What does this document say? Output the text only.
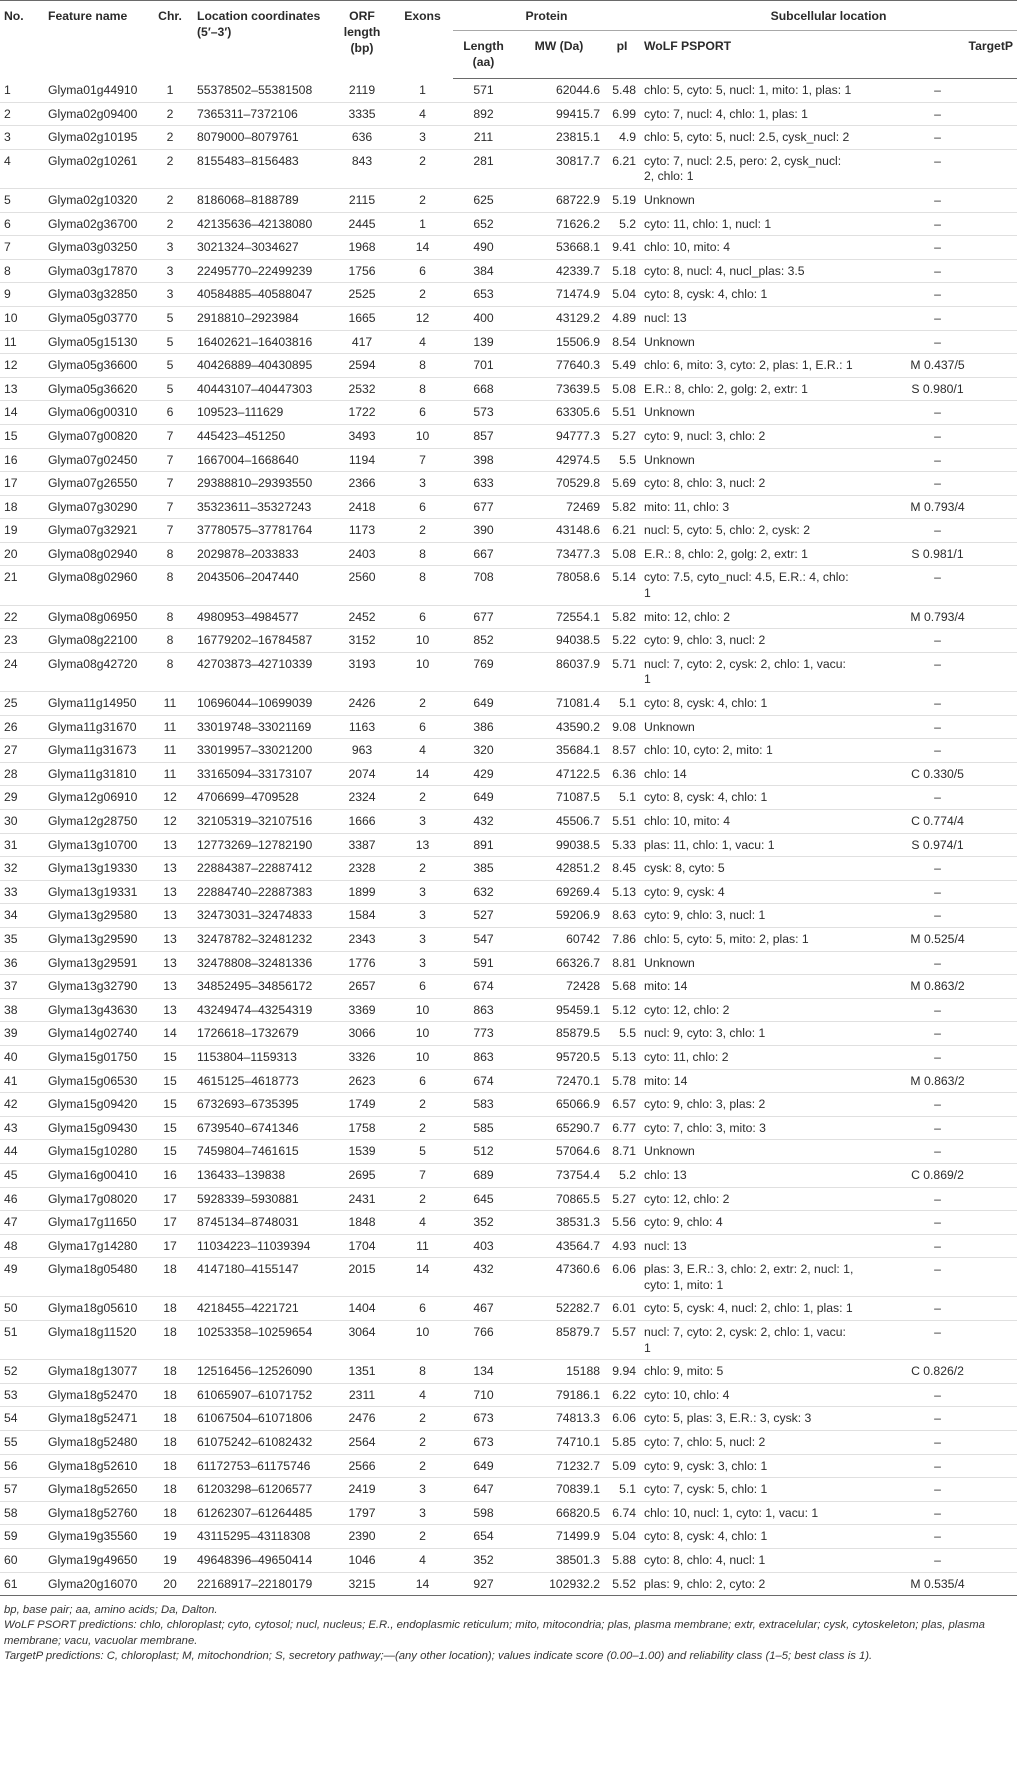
No.	Feature name	Chr.	Location coordinates (5′–3′)	ORF length (bp)	Exons	Protein			Subcellular location	
						Length (aa)	MW (Da)	pI	WoLF PSPORT	TargetP
1	Glyma01g44910	1	55378502–55381508	2119	1	571	62044.6	5.48	chlo: 5, cyto: 5, nucl: 1, mito: 1, plas: 1	–
2	Glyma02g09400	2	7365311–7372106	3335	4	892	99415.7	6.99	cyto: 7, nucl: 4, chlo: 1, plas: 1	–
3	Glyma02g10195	2	8079000–8079761	636	3	211	23815.1	4.9	chlo: 5, cyto: 5, nucl: 2.5, cysk_nucl: 2	–
4	Glyma02g10261	2	8155483–8156483	843	2	281	30817.7	6.21	cyto: 7, nucl: 2.5, pero: 2, cysk_nucl: 2, chlo: 1	–
5	Glyma02g10320	2	8186068–8188789	2115	2	625	68722.9	5.19	Unknown	–
6	Glyma02g36700	2	42135636–42138080	2445	1	652	71626.2	5.2	cyto: 11, chlo: 1, nucl: 1	–
7	Glyma03g03250	3	3021324–3034627	1968	14	490	53668.1	9.41	chlo: 10, mito: 4	–
8	Glyma03g17870	3	22495770–22499239	1756	6	384	42339.7	5.18	cyto: 8, nucl: 4, nucl_plas: 3.5	–
9	Glyma03g32850	3	40584885–40588047	2525	2	653	71474.9	5.04	cyto: 8, cysk: 4, chlo: 1	–
10	Glyma05g03770	5	2918810–2923984	1665	12	400	43129.2	4.89	nucl: 13	–
11	Glyma05g15130	5	16402621–16403816	417	4	139	15506.9	8.54	Unknown	–
12	Glyma05g36600	5	40426889–40430895	2594	8	701	77640.3	5.49	chlo: 6, mito: 3, cyto: 2, plas: 1, E.R.: 1	M 0.437/5
13	Glyma05g36620	5	40443107–40447303	2532	8	668	73639.5	5.08	E.R.: 8, chlo: 2, golg: 2, extr: 1	S 0.980/1
14	Glyma06g00310	6	109523–111629	1722	6	573	63305.6	5.51	Unknown	–
15	Glyma07g00820	7	445423–451250	3493	10	857	94777.3	5.27	cyto: 9, nucl: 3, chlo: 2	–
16	Glyma07g02450	7	1667004–1668640	1194	7	398	42974.5	5.5	Unknown	–
17	Glyma07g26550	7	29388810–29393550	2366	3	633	70529.8	5.69	cyto: 8, chlo: 3, nucl: 2	–
18	Glyma07g30290	7	35323611–35327243	2418	6	677	72469	5.82	mito: 11, chlo: 3	M 0.793/4
19	Glyma07g32921	7	37780575–37781764	1173	2	390	43148.6	6.21	nucl: 5, cyto: 5, chlo: 2, cysk: 2	–
20	Glyma08g02940	8	2029878–2033833	2403	8	667	73477.3	5.08	E.R.: 8, chlo: 2, golg: 2, extr: 1	S 0.981/1
21	Glyma08g02960	8	2043506–2047440	2560	8	708	78058.6	5.14	cyto: 7.5, cyto_nucl: 4.5, E.R.: 4, chlo: 1	–
22	Glyma08g06950	8	4980953–4984577	2452	6	677	72554.1	5.82	mito: 12, chlo: 2	M 0.793/4
23	Glyma08g22100	8	16779202–16784587	3152	10	852	94038.5	5.22	cyto: 9, chlo: 3, nucl: 2	–
24	Glyma08g42720	8	42703873–42710339	3193	10	769	86037.9	5.71	nucl: 7, cyto: 2, cysk: 2, chlo: 1, vacu: 1	–
25	Glyma11g14950	11	10696044–10699039	2426	2	649	71081.4	5.1	cyto: 8, cysk: 4, chlo: 1	–
26	Glyma11g31670	11	33019748–33021169	1163	6	386	43590.2	9.08	Unknown	–
27	Glyma11g31673	11	33019957–33021200	963	4	320	35684.1	8.57	chlo: 10, cyto: 2, mito: 1	–
28	Glyma11g31810	11	33165094–33173107	2074	14	429	47122.5	6.36	chlo: 14	C 0.330/5
29	Glyma12g06910	12	4706699–4709528	2324	2	649	71087.5	5.1	cyto: 8, cysk: 4, chlo: 1	–
30	Glyma12g28750	12	32105319–32107516	1666	3	432	45506.7	5.51	chlo: 10, mito: 4	C 0.774/4
31	Glyma13g10700	13	12773269–12782190	3387	13	891	99038.5	5.33	plas: 11, chlo: 1, vacu: 1	S 0.974/1
32	Glyma13g19330	13	22884387–22887412	2328	2	385	42851.2	8.45	cysk: 8, cyto: 5	–
33	Glyma13g19331	13	22884740–22887383	1899	3	632	69269.4	5.13	cyto: 9, cysk: 4	–
34	Glyma13g29580	13	32473031–32474833	1584	3	527	59206.9	8.63	cyto: 9, chlo: 3, nucl: 1	–
35	Glyma13g29590	13	32478782–32481232	2343	3	547	60742	7.86	chlo: 5, cyto: 5, mito: 2, plas: 1	M 0.525/4
36	Glyma13g29591	13	32478808–32481336	1776	3	591	66326.7	8.81	Unknown	–
37	Glyma13g32790	13	34852495–34856172	2657	6	674	72428	5.68	mito: 14	M 0.863/2
38	Glyma13g43630	13	43249474–43254319	3369	10	863	95459.1	5.12	cyto: 12, chlo: 2	–
39	Glyma14g02740	14	1726618–1732679	3066	10	773	85879.5	5.5	nucl: 9, cyto: 3, chlo: 1	–
40	Glyma15g01750	15	1153804–1159313	3326	10	863	95720.5	5.13	cyto: 11, chlo: 2	–
41	Glyma15g06530	15	4615125–4618773	2623	6	674	72470.1	5.78	mito: 14	M 0.863/2
42	Glyma15g09420	15	6732693–6735395	1749	2	583	65066.9	6.57	cyto: 9, chlo: 3, plas: 2	–
43	Glyma15g09430	15	6739540–6741346	1758	2	585	65290.7	6.77	cyto: 7, chlo: 3, mito: 3	–
44	Glyma15g10280	15	7459804–7461615	1539	5	512	57064.6	8.71	Unknown	–
45	Glyma16g00410	16	136433–139838	2695	7	689	73754.4	5.2	chlo: 13	C 0.869/2
46	Glyma17g08020	17	5928339–5930881	2431	2	645	70865.5	5.27	cyto: 12, chlo: 2	–
47	Glyma17g11650	17	8745134–8748031	1848	4	352	38531.3	5.56	cyto: 9, chlo: 4	–
48	Glyma17g14280	17	11034223–11039394	1704	11	403	43564.7	4.93	nucl: 13	–
49	Glyma18g05480	18	4147180–4155147	2015	14	432	47360.6	6.06	plas: 3, E.R.: 3, chlo: 2, extr: 2, nucl: 1, cyto: 1, mito: 1	–
50	Glyma18g05610	18	4218455–4221721	1404	6	467	52282.7	6.01	cyto: 5, cysk: 4, nucl: 2, chlo: 1, plas: 1	–
51	Glyma18g11520	18	10253358–10259654	3064	10	766	85879.7	5.57	nucl: 7, cyto: 2, cysk: 2, chlo: 1, vacu: 1	–
52	Glyma18g13077	18	12516456–12526090	1351	8	134	15188	9.94	chlo: 9, mito: 5	C 0.826/2
53	Glyma18g52470	18	61065907–61071752	2311	4	710	79186.1	6.22	cyto: 10, chlo: 4	–
54	Glyma18g52471	18	61067504–61071806	2476	2	673	74813.3	6.06	cyto: 5, plas: 3, E.R.: 3, cysk: 3	–
55	Glyma18g52480	18	61075242–61082432	2564	2	673	74710.1	5.85	cyto: 7, chlo: 5, nucl: 2	–
56	Glyma18g52610	18	61172753–61175746	2566	2	649	71232.7	5.09	cyto: 9, cysk: 3, chlo: 1	–
57	Glyma18g52650	18	61203298–61206577	2419	3	647	70839.1	5.1	cyto: 7, cysk: 5, chlo: 1	–
58	Glyma18g52760	18	61262307–61264485	1797	3	598	66820.5	6.74	chlo: 10, nucl: 1, cyto: 1, vacu: 1	–
59	Glyma19g35560	19	43115295–43118308	2390	2	654	71499.9	5.04	cyto: 8, cysk: 4, chlo: 1	–
60	Glyma19g49650	19	49648396–49650414	1046	4	352	38501.3	5.88	cyto: 8, chlo: 4, nucl: 1	–
61	Glyma20g16070	20	22168917–22180179	3215	14	927	102932.2	5.52	plas: 9, chlo: 2, cyto: 2	M 0.535/4
bp, base pair; aa, amino acids; Da, Dalton.
WoLF PSORT predictions: chlo, chloroplast; cyto, cytosol; nucl, nucleus; E.R., endoplasmic reticulum; mito, mitocondria; plas, plasma membrane; extr, extracelular; cysk, cytoskeleton; plas, plasma membrane; vacu, vacuolar membrane.
TargetP predictions: C, chloroplast; M, mitochondrion; S, secretory pathway;—(any other location); values indicate score (0.00–1.00) and reliability class (1–5; best class is 1).
